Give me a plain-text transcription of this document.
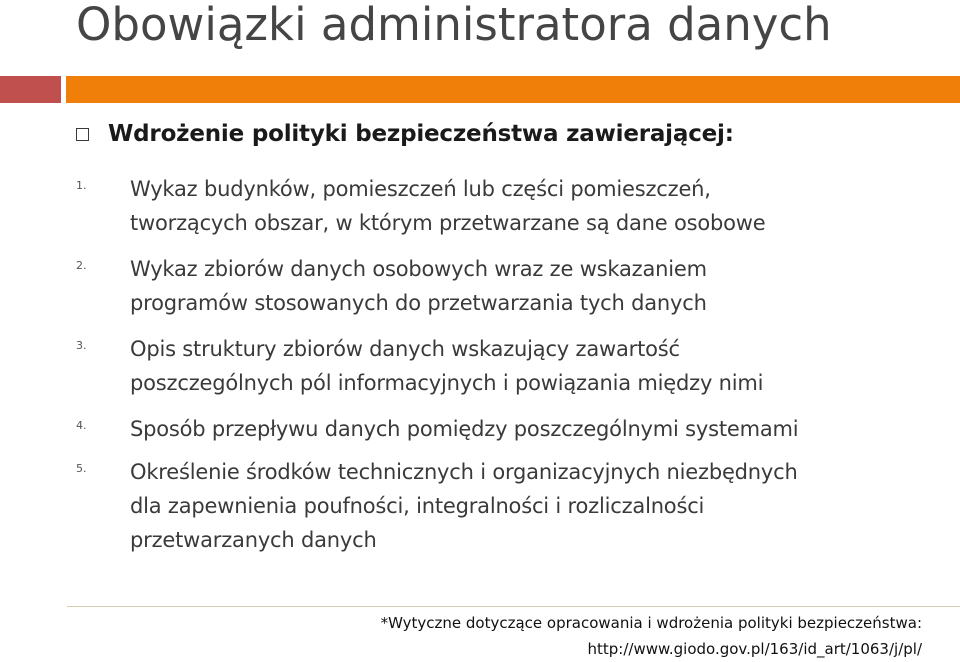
Obowiązki administratora danych
Wdrożenie polityki bezpieczeństwa zawierającej:
1.	Wykaz budynków, pomieszczeń lub części pomieszczeń,
tworzących obszar, w którym przetwarzane są dane osobowe
2.	Wykaz zbiorów danych osobowych wraz ze wskazaniem
programów stosowanych do przetwarzania tych danych
3.	Opis struktury zbiorów danych wskazujący zawartość
poszczególnych pól informacyjnych i powiązania między nimi
4.	Sposób przepływu danych pomiędzy poszczególnymi systemami
5.	Określenie środków technicznych i organizacyjnych niezbędnych
dla zapewnienia poufności, integralności i rozliczalności
przetwarzanych danych
*Wytyczne dotyczące opracowania i wdrożenia polityki bezpieczeństwa:
http://www.giodo.gov.pl/163/id_art/1063/j/pl/
